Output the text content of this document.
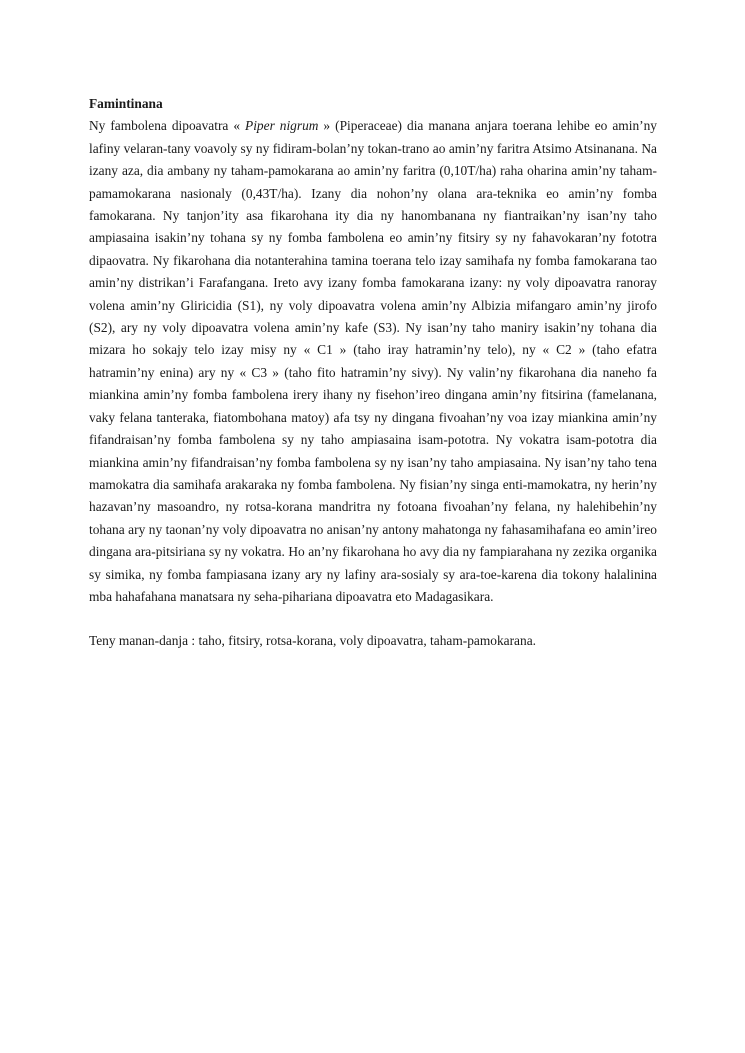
Famintinana

Ny fambolena dipoavatra « Piper nigrum » (Piperaceae) dia manana anjara toerana lehibe eo amin’ny lafiny velaran-tany voavoly sy ny fidiram-bolan’ny tokan-trano ao amin’ny faritra Atsimo Atsinanana. Na izany aza, dia ambany ny taham-pamokarana ao amin’ny faritra (0,10T/ha) raha oharina amin’ny taham-pamamokarana nasionaly (0,43T/ha). Izany dia nohon’ny olana ara-teknika eo amin’ny fomba famokarana. Ny tanjon’ity asa fikarohana ity dia ny hanombanana ny fiantraikan’ny isan’ny taho ampiasaina isakin’ny tohana sy ny fomba fambolena eo amin’ny fitsiry sy ny fahavokaran’ny fototra dipaovatra. Ny fikarohana dia notanterahina tamina toerana telo izay samihafa ny fomba famokarana tao amin’ny distrikan’i Farafangana. Ireto avy izany fomba famokarana izany: ny voly dipoavatra ranoray volena amin’ny Gliricidia (S1), ny voly dipoavatra volena amin’ny Albizia mifangaro amin’ny jirofo (S2), ary ny voly dipoavatra volena amin’ny kafe (S3). Ny isan’ny taho maniry isakin’ny tohana dia mizara ho sokajy telo izay misy ny « C1 » (taho iray hatramin’ny telo), ny « C2 » (taho efatra hatramin’ny enina) ary ny « C3 » (taho fito hatramin’ny sivy). Ny valin’ny fikarohana dia naneho fa miankina amin’ny fomba fambolena irery ihany ny fisehon’ireo dingana amin’ny fitsirina (famelanana, vaky felana tanteraka, fiatombohana matoy) afa tsy ny dingana fivoahan’ny voa izay miankina amin’ny fifandraisan’ny fomba fambolena sy ny taho ampiasaina isam-pototra. Ny vokatra isam-pototra dia miankina amin’ny fifandraisan’ny fomba fambolena sy ny isan’ny taho ampiasaina. Ny isan’ny taho tena mamokatra dia samihafa arakaraka ny fomba fambolena. Ny fisian’ny singa enti-mamokatra, ny herin’ny hazavan’ny masoandro, ny rotsa-korana mandritra ny fotoana fivoahan’ny felana, ny halehibehin’ny tohana ary ny taonan’ny voly dipoavatra no anisan’ny antony mahatonga ny fahasamihafana eo amin’ireo dingana ara-pitsiriana sy ny vokatra. Ho an’ny fikarohana ho avy dia ny fampiarahana ny zezika organika sy simika, ny fomba fampiasana izany ary ny lafiny ara-sosialy sy ara-toe-karena dia tokony halalinina mba hahafahana manatsara ny seha-pihariana dipoavatra eto Madagasikara.

Teny manan-danja : taho, fitsiry, rotsa-korana, voly dipoavatra, taham-pamokarana.
